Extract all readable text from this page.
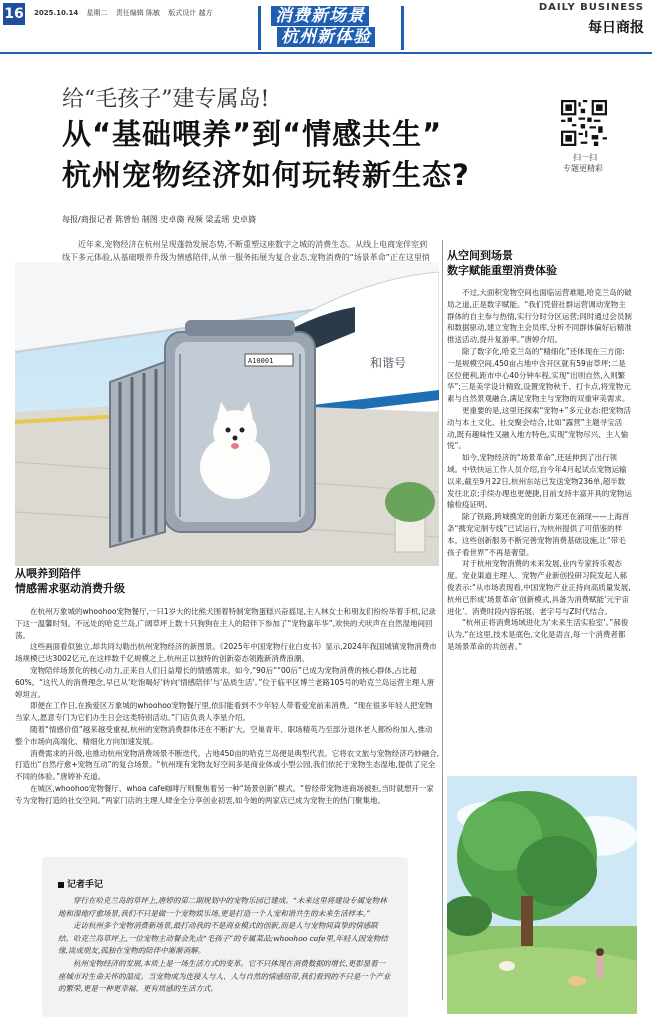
16 2025.10.14 星期二 责任编辑 陈敏 版式设计 越方	消费新场景
杭州新体验
DAILY BUSINESS
每日商报
给“毛孩子”建专属岛!
从“基础喂养”到“情感共生”
杭州宠物经济如何玩转新生态?
扫一扫
专题更精彩
每报/商报记者 陈曾怡 制图 史卓旖 视频 梁孟瑶 史卓旖
近年来,宠物经济在杭州呈现蓬勃发展态势,不断重塑这座数字之城的消费生态。从线上电商宠伴室到线下多元体验,从基础喂养升级为情感陪伴,从单一服务拓展为复合业态,宠物消费的“场景革命”正在这里悄
和谐号
A10001
从喂养到陪伴
情感需求驱动消费升级

在杭州万象城的whoohoo宠物餐厅,一只1岁大的比熊犬围着特制宠物蛋糕兴奋摇尾,主人林女士和朋友们纷纷举着手机,记录下这一温馨时刻。不远处的哈克兰岛,广阔草坪上数十只狗狗在主人的陪伴下参加了“宠物嘉年华”,欢快的犬吠声在自然湿地间回荡。

这些画面看似独立,却共同勾勒出杭州宠物经济的新图景。《2025年中国宠物行业白皮书》显示,2024年我国城镇宠物消费市场规模已达3002亿元,在这样数千亿规模之上,杭州正以独特的创新姿态领跑新消费浪潮。

宠物陪伴场景化的核心动力,正来自人们日益增长的情感需求。如今,“90后”“00后”已成为宠物消费的核心群体,占比超60%。“这代人的消费理念,早已从‘吃饱喝好’转向‘情感陪伴’与‘品质生活’。”位于临平区博兰老路105号的哈克兰岛运营主理人唐婷坦言。

即便在工作日,在换爱区万象城的whoohoo宠物餐厅里,依旧能看到不少年轻人带着爱宠前来消费。“现在很多年轻人把宠物当家人,愿意专门为它们办生日会这类特别活动。”门店负责人李星介绍。

随着“情感价值”越来越受重视,杭州的宠物消费群体还在不断扩大。空巢青年、职场精英乃至部分退休老人都纷纷加入,推动整个市场向高端化、精细化方向加速发展。

消费需求的升级,也推动杭州宠物消费场景不断迭代。占地450亩的哈克兰岛便是典型代表。它将农文旅与宠物经济巧妙融合,打造出“自然疗愈+宠物互动”的复合场景。“杭州现有宠物友好空间多是商业体或小型公园,我们依托于宠物生态湿地,提供了完全不同的体验。”唐婷补充道。

在城区,whoohoo宠物餐厅、whoa cafe咖啡厅则聚焦着另一种“场景创新”模式。“曾经带宠物进商场被拒,当时就想开一家专为宠物打造的社交空间。”两家门店的主理人肆金全分享创业初衷,如今她的两家店已成为宠物主的热门聚集地。

从空间到场景
数字赋能重塑消费体验

不过,大面积宠物空间也面临运营难题,哈克兰岛的破局之道,正是数字赋能。“我们凭借社群运营调动宠物主群体的自主参与热情,实行分时分区运营;同时通过会员制和数据驱动,建立宠物主会员库,分析不同群体偏好后精准推送活动,提升复游率。”唐婷介绍。

除了数字化,哈克兰岛的“精细化”还体现在三方面:一是规模空间,450亩占地中含开区就有59亩草坪;二是区位便利,距市中心40分钟车程,实现“出则自然,入则繁华”;三是美学设计精致,设置宠物秋千、打卡点,将宠物元素与自然景观融合,满足宠物主与宠物的双重审美需求。

更重要的是,这里还探索“宠物+”多元业态:把宠物活动与本土文化、社交聚会结合,比如“露营”主题寻宝活动,既有趣味性又融入地方特色,实现“宠物尽兴、主人愉悦”。

如今,宠物经济的“场景革命”,还延伸到了出行领域。中铁快运工作人员介绍,自今年4月起试点宠物运输以来,截至9月22日,杭州东站已发送宠物236单,超半数发往北京;手续办理也更便捷,目前支持丰富开具的宠物运输检疫证明。

除了铁路,跨城携宠的创新方案还在涌现——上海首条“携宠定制专线”已试运行,为杭州提供了可借鉴的样本。这些创新服务不断完善宠物消费基础设施,让“带毛孩子看世界”不再是奢望。

对于杭州宠物消费的未来发展,业内专家持乐观态度。宠业渠道主理人、宠物产业新创投研习院发起人郝俊表示:“从市场表现看,中国宠物产业正持向高质量发展,杭州已形成‘场景革命’创新模式,具备为消费赋能‘元宇宙进化’、消费时段内容拓展、老字号与Z时代结合。

“杭州正将消费场域进化为‘未来生活实验室’。”郝俊认为,“在这里,技术是底色,文化是语言,每一个消费者都是场景革命的共创者。”

记者手记

穿行在哈克兰岛的草坪上,唐婷的第二期规划中的宠物乐园已建成。“未来这里将建设专属宠物林地和湿地疗愈场景,我们不只是做一个宠物娱乐场,更是打造一个人宠和谐共生的未来生活样本。”

走访杭州多个宠物消费新场景,最打动我的不是商业模式的创新,而是人与宠物间真挚的情感联结。哈克兰岛草坪上,一位宠物主动餐会先点“毛孩子”的专属菜品;whoohoo cafe里,年轻人因宠物结缘,谈成朋友,孤独在宠物的陪伴中渐渐消解。

杭州宠物经济的发展,本质上是一场生活方式的变革。它不只体现在消费数据的增长,更彰显着一座城市对生命关怀的温度。当宠物成为连接人与人、人与自然的情感纽带,我们看到的不只是一个产业的繁荣,更是一种更幸福、更有质感的生活方式。
